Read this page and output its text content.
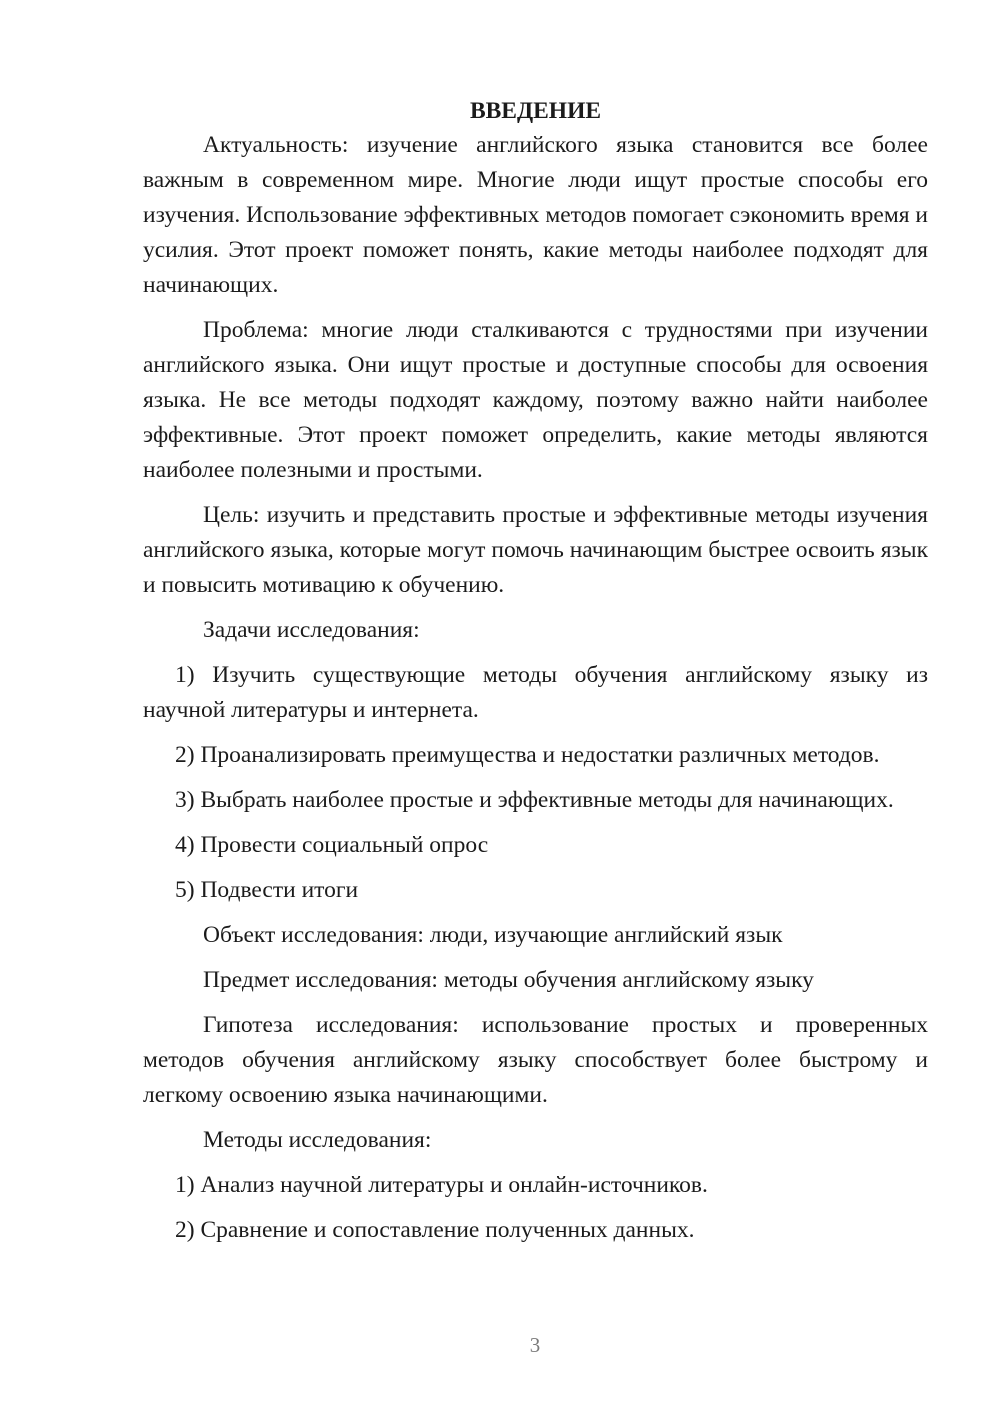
ВВЕДЕНИЕ

Актуальность: изучение английского языка становится все более важным в современном мире. Многие люди ищут простые способы его изучения. Использование эффективных методов помогает сэкономить время и усилия. Этот проект поможет понять, какие методы наиболее подходят для начинающих.

Проблема: многие люди сталкиваются с трудностями при изучении английского языка. Они ищут простые и доступные способы для освоения языка. Не все методы подходят каждому, поэтому важно найти наиболее эффективные. Этот проект поможет определить, какие методы являются наиболее полезными и простыми.

Цель: изучить и представить простые и эффективные методы изучения английского языка, которые могут помочь начинающим быстрее освоить язык и повысить мотивацию к обучению.

Задачи исследования:

1) Изучить существующие методы обучения английскому языку из научной литературы и интернета.

2) Проанализировать преимущества и недостатки различных методов.

3) Выбрать наиболее простые и эффективные методы для начинающих.

4) Провести социальный опрос

5) Подвести итоги

Объект исследования: люди, изучающие английский язык

Предмет исследования: методы обучения английскому языку

Гипотеза исследования: использование простых и проверенных методов обучения английскому языку способствует более быстрому и легкому освоению языка начинающими.

Методы исследования:

1) Анализ научной литературы и онлайн-источников.

2) Сравнение и сопоставление полученных данных.

3
